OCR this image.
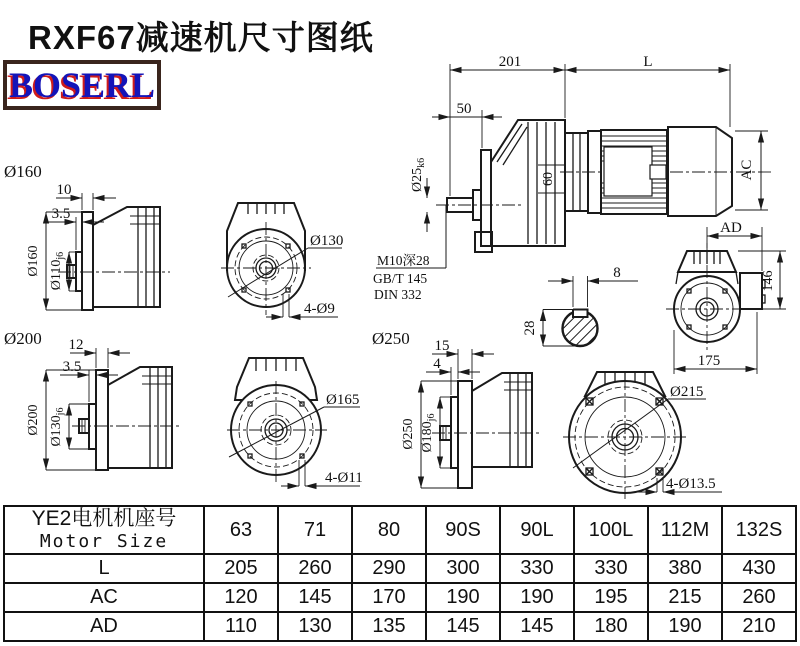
RXF67减速机尺寸图纸
BOSERL
201	L
50
$Ø25_{k6}$
60	AC
M10深28
GB/T 145
DIN 332
8
28
AD
146
175
Ø160
10
3.5
Ø160 $Ø110_{j6}$
Ø130
4-Ø9
Ø200 12
3.5
Ø200 $Ø130_{j6}$
Ø165
4-Ø11
Ø250 15
4
Ø250 $Ø180_{j6}$
Ø215
4-Ø13.5
YE2电机机座号
Motor Size	63	71	80	90S	90L	100L	112M	132S
L	205	260	290	300	330	330	380	430
AC	120	145	170	190	190	195	215	260
AD	110	130	135	145	145	180	190	210
